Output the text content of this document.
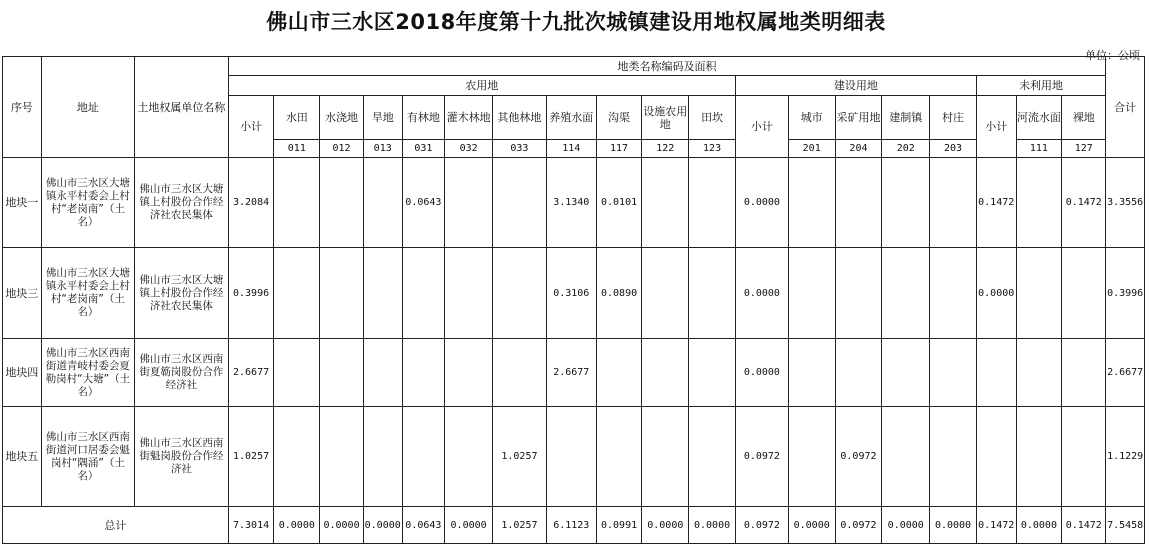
佛山市三水区2018年度第十九批次城镇建设用地权属地类明细表
单位：公顷
序号	地址	土地权属单位名称	地类名称编码及面积																			合计
			农用地											建设用地					未利用地			
			小计	水田	水浇地	旱地	有林地	灌木林地	其他林地	养殖水面	沟渠	设施农用地	田坎	小计	城市	采矿用地	建制镇	村庄	小计	河流水面	裸地	
				011	012	013	031	032	033	114	117	122	123		201	204	202	203		111	127	
地块一	佛山市三水区大塘镇永平村委会上村村“老岗南”（土名）	佛山市三水区大塘镇上村股份合作经济社农民集体	3.2084				0.0643			3.1340	0.0101			0.0000					0.1472		0.1472	3.3556
地块三	佛山市三水区大塘镇永平村委会上村村“老岗南”（土名）	佛山市三水区大塘镇上村股份合作经济社农民集体	0.3996							0.3106	0.0890			0.0000					0.0000			0.3996
地块四	佛山市三水区西南街道青岐村委会夏勒岗村“大塘”（土名）	佛山市三水区西南街夏簕岗股份合作经济社	2.6677							2.6677				0.0000								2.6677
地块五	佛山市三水区西南街道河口居委会魁岗村“隅涌”（土名）	佛山市三水区西南街魁岗股份合作经济社	1.0257						1.0257					0.0972		0.0972						1.1229
总计			7.3014	0.0000	0.0000	0.0000	0.0643	0.0000	1.0257	6.1123	0.0991	0.0000	0.0000	0.0972	0.0000	0.0972	0.0000	0.0000	0.1472	0.0000	0.1472	7.5458
